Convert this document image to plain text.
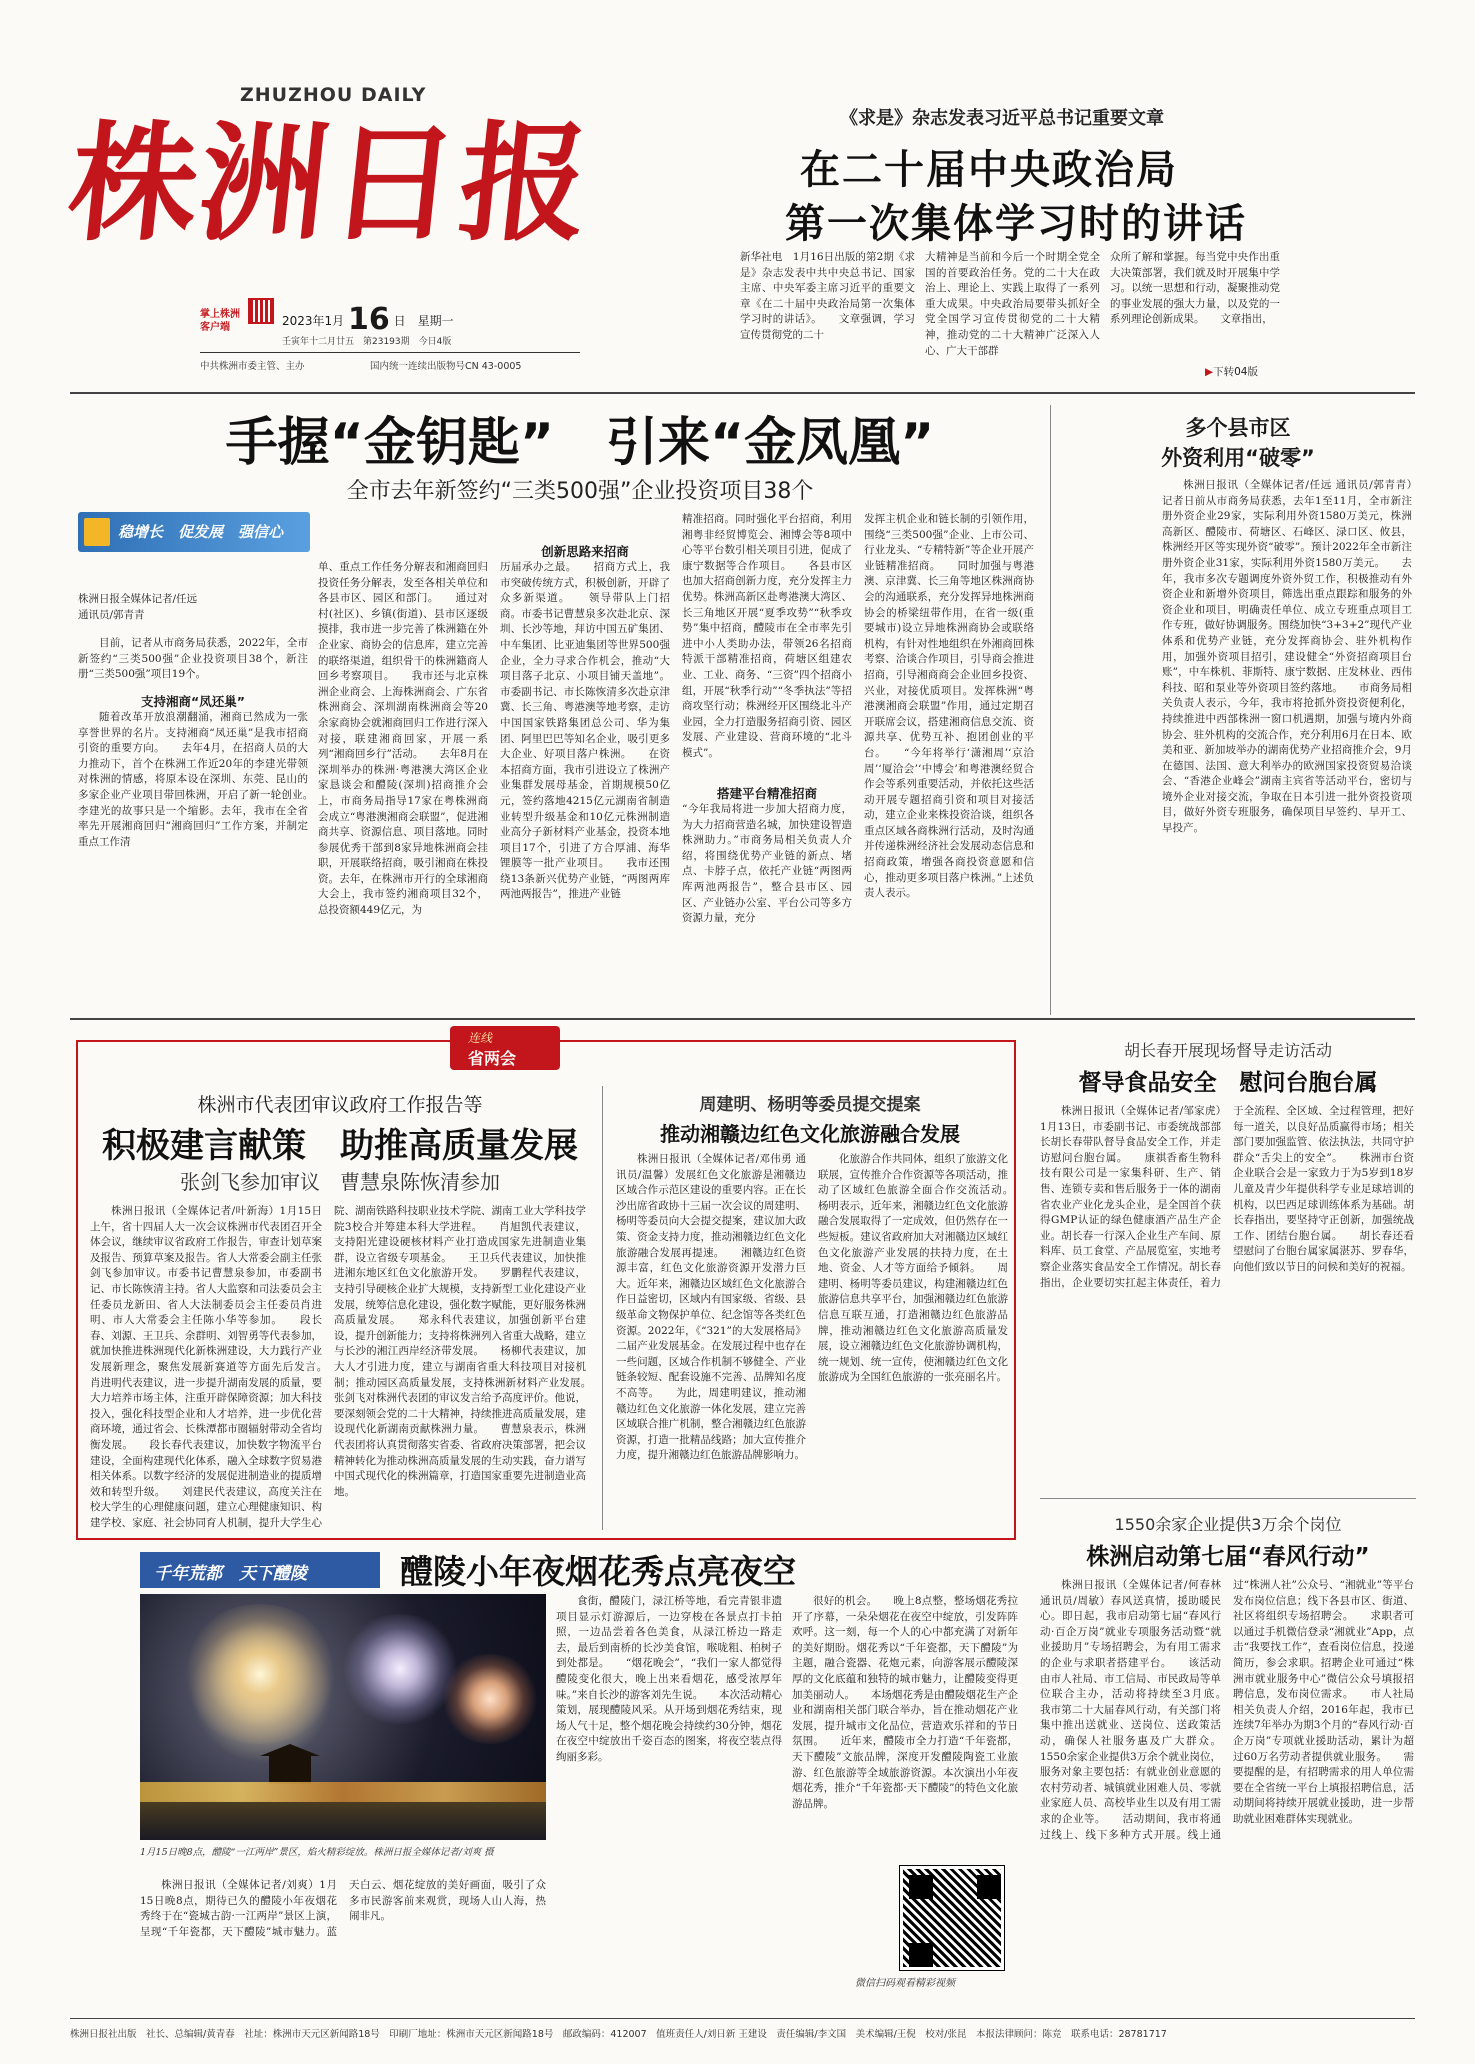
ZHUZHOU DAILY
株洲日报
掌上株洲
客户端	2023年1月 16 日　星期一
壬寅年十二月廿五　第23193期　今日4版
中共株洲市委主管、主办	国内统一连续出版物号CN 43-0005
《求是》杂志发表习近平总书记重要文章
在二十届中央政治局
第一次集体学习时的讲话
新华社电　1月16日出版的第2期《求是》杂志发表中共中央总书记、国家主席、中央军委主席习近平的重要文章《在二十届中央政治局第一次集体学习时的讲话》。　　文章强调，学习宣传贯彻党的二十
大精神是当前和今后一个时期全党全国的首要政治任务。党的二十大在政治上、理论上、实践上取得了一系列重大成果。中央政治局要带头抓好全党全国学习宣传贯彻党的二十大精神，推动党的二十大精神广泛深入人心、广大干部群
众所了解和掌握。每当党中央作出重大决策部署，我们就及时开展集中学习。以统一思想和行动，凝聚推动党的事业发展的强大力量，以及党的一系列理论创新成果。　　文章指出，
▶下转04版
手握“金钥匙”　引来“金凤凰”
全市去年新签约“三类500强”企业投资项目38个
稳增长　促发展　强信心
株洲日报全媒体记者/任远
通讯员/郭青青
目前，记者从市商务局获悉，2022年，全市新签约“三类500强”企业投资项目38个，新注册“三类500强”项目19个。
支持湘商“凤还巢”
随着改革开放浪潮翻涌，湘商已然成为一张享誉世界的名片。支持湘商“凤还巢”是我市招商引资的重要方向。　　去年4月，在招商人员的大力推动下，首个在株洲工作近20年的李建光带领对株洲的情感，将原本设在深圳、东莞、昆山的多家企业产业项目带回株洲，开启了新一轮创业。　　李建光的故事只是一个缩影。去年，我市在全省率先开展湘商回归“湘商回归”工作方案，并制定重点工作清
单、重点工作任务分解表和湘商回归投资任务分解表，发至各相关单位和各县市区、园区和部门。　　通过对村(社区)、乡镇(街道)、县市区逐级摸排，我市进一步完善了株洲籍在外企业家、商协会的信息库，建立完善的联络渠道，组织骨干的株洲籍商人回乡考察项目。　　我市还与北京株洲企业商会、上海株洲商会、广东省株洲商会、深圳湖南株洲商会等20余家商协会就湘商回归工作进行深入对接，联建湘商回家，开展一系列“湘商回乡行”活动。　　去年8月在深圳举办的株洲·粤港澳大湾区企业家恳谈会和醴陵(深圳)招商推介会上，市商务局指导17家在粤株洲商会成立“粤港澳湘商会联盟”，促进湘商共享、资源信息、项目落地。同时参展优秀干部到8家异地株洲商会挂职，开展联络招商，吸引湘商在株投资。去年，在株洲市开行的全球湘商大会上，我市签约湘商项目32个，总投资额449亿元，为
创新思路来招商
历届承办之最。　　招商方式上，我市突破传统方式，积极创新，开辟了众多新渠道。　　领导带队上门招商。市委书记曹慧泉多次赴北京、深圳、长沙等地，拜访中国五矿集团、中车集团、比亚迪集团等世界500强企业，全力寻求合作机会，推动“大项目落子北京、小项目铺天盖地”。市委副书记、市长陈恢清多次赴京津冀、长三角、粤港澳等地考察，走访中国国家铁路集团总公司、华为集团、阿里巴巴等知名企业，吸引更多大企业、好项目落户株洲。　　在资本招商方面，我市引进设立了株洲产业集群发展母基金，首期规模50亿元，签约落地4215亿元湖南省制造业转型升级基金和10亿元株洲制造业高分子新材料产业基金，投资本地项目17个，引进了方合厚浦、海华锂膜等一批产业项目。　　我市还围绕13条新兴优势产业链，“两图两库两池两报告”，推进产业链
精准招商。同时强化平台招商，利用湘粤非经贸博览会、湘博会等8项中心等平台数引相关项目引进，促成了康宁数据等合作项目。　　各县市区也加大招商创新力度，充分发挥主力优势。株洲高新区赴粤港澳大湾区、长三角地区开展“夏季攻势”“秋季攻势”集中招商，醴陵市在全市率先引进中小人类助办法，带领26名招商特派干部精准招商，荷塘区组建农业、工业、商务、“三资”四个招商小组，开展“秋季行动”“冬季执法”等招商攻坚行动；株洲经开区围绕北斗产业园，全力打造服务招商引资、园区发展、产业建设、营商环境的“北斗模式”。
搭建平台精准招商
“今年我局将进一步加大招商力度，为大力招商营造名城，加快建设智造株洲助力。”市商务局相关负责人介绍，将围绕优势产业链的新点、堵点、卡脖子点，依托产业链“两图两库两池两报告”，整合县市区、园区、产业链办公室、平台公司等多方资源力量，充分
发挥主机企业和链长制的引领作用，围绕“三类500强”企业、上市公司、行业龙头、“专精特新”等企业开展产业链精准招商。　　同时加强与粤港澳、京津冀、长三角等地区株洲商协会的沟通联系，充分发挥异地株洲商协会的桥梁纽带作用，在省一级(重要城市)设立异地株洲商协会或联络机构，有针对性地组织在外湘商回株考察、洽谈合作项目，引导商会推进招商，引导湘商商会企业回乡投资、兴业，对接优质项目。发挥株洲“粤港澳湘商会联盟”作用，通过定期召开联席会议，搭建湘商信息交流、资源共享、优势互补、抱团创业的平台。　　“今年将举行‘潇湘周’‘京洽周’‘厦洽会’‘中博会’和粤港澳经贸合作会等系列重要活动，并依托这些活动开展专题招商引资和项目对接活动，建立企业来株投资洽谈，组织各重点区域各商株洲行活动，及时沟通并传递株洲经济社会发展动态信息和招商政策，增强各商投资意愿和信心，推动更多项目落户株洲。”上述负责人表示。
多个县市区
外资利用“破零”
株洲日报讯（全媒体记者/任远 通讯员/郭青青）　记者日前从市商务局获悉，去年1至11月，全市新注册外资企业29家，实际利用外资1580万美元，株洲高新区、醴陵市、荷塘区、石峰区、渌口区、攸县，株洲经开区等实现外资“破零”。预计2022年全市新注册外资企业31家，实际利用外资1580万美元。　　去年，我市多次专题调度外资外贸工作，积极推动有外资企业和新增外资项目，筛选出重点跟踪和服务的外资企业和项目，明确责任单位、成立专班重点项目工作专班，做好协调服务。围绕加快“3+3+2”现代产业体系和优势产业链，充分发挥商协会、驻外机构作用，加强外资项目招引，建设健全“外资招商项目台账”，中车株机、菲斯特、康宁数据、庄发林业、西伟科技、昭和泵业等外资项目签约落地。　　市商务局相关负责人表示，今年，我市将抢抓外资投资便利化，持续推进中西部株洲一窗口机遇期，加强与境内外商协会、驻外机构的交流合作，充分利用6月在日本、欧美和亚、新加坡举办的湖南优势产业招商推介会，9月在德国、法国、意大利举办的欧洲国家投资贸易洽谈会、“香港企业峰会”湖南主宾省等活动平台，密切与境外企业对接交流，争取在日本引进一批外资投资项目，做好外资专班服务，确保项目早签约、早开工、早投产。
连线
省两会
株洲市代表团审议政府工作报告等
积极建言献策　助推高质量发展
张剑飞参加审议　曹慧泉陈恢清参加
株洲日报讯（全媒体记者/叶新海）1月15日上午，省十四届人大一次会议株洲市代表团召开全体会议，继续审议省政府工作报告，审查计划草案及报告、预算草案及报告。省人大常委会副主任张剑飞参加审议。市委书记曹慧泉参加，市委副书记、市长陈恢清主持。省人大监察和司法委员会主任委员龙新田、省人大法制委员会主任委员肖进明、市人大常委会主任陈小华等参加。　　段长春、刘源、王卫兵、余群明、刘智勇等代表参加，就加快推进株洲现代化新株洲建设，大力践行产业发展新理念，聚焦发展新赛道等方面先后发言。　　肖进明代表建议，进一步提升湖南发展的质量，要大力培养市场主体，注重开辟保障资源；加大科技投入，强化科技型企业和人才培养，进一步优化营商环境，通过省会、长株潭都市圈辐射带动全省均衡发展。　　段长春代表建议，加快数字物流平台建设，全面构建现代化体系，融入全球数字贸易港相关体系。以数字经济的发展促进制造业的提质增效和转型升级。　　刘建民代表建议，高度关注在校大学生的心理健康问题，建立心理健康知识、构建学校、家庭、社会协同育人机制，提升大学生心　　　　
院、湖南铁路科技职业技术学院、湖南工业大学科技学院3校合并筹建本科大学进程。　　肖旭凯代表建议，支持阳光建设硬核材料产业打造成国家先进制造业集群，设立省级专项基金。　　王卫兵代表建议，加快推进湘东地区红色文化旅游开发。　　罗鹏程代表建议，支持引导硬核企业扩大规模，支持新型工业化建设产业发展，统筹信息化建设，强化数字赋能，更好服务株洲高质量发展。　　郑永科代表建议，加强创新平台建设，提升创新能力；支持将株洲列入省重大战略，建立与长沙的湘江西岸经济带发展。　　杨柳代表建议，加大人才引进力度，建立与湖南省重大科技项目对接机制；推动园区高质量发展，支持株洲新材料产业发展。　　张剑飞对株洲代表团的审议发言给予高度评价。他说，要深刻领会党的二十大精神，持续推进高质量发展，建设现代化新湖南贡献株洲力量。　　曹慧泉表示，株洲代表团将认真贯彻落实省委、省政府决策部署，把会议精神转化为推动株洲高质量发展的生动实践，奋力谱写中国式现代化的株洲篇章，打造国家重要先进制造业高地。
周建明、杨明等委员提交提案
推动湘赣边红色文化旅游融合发展
株洲日报讯（全媒体记者/邓伟勇 通讯员/温馨）发展红色文化旅游是湘赣边区域合作示范区建设的重要内容。正在长沙出席省政协十三届一次会议的周建明、杨明等委员向大会提交提案，建议加大政策、资金支持力度，推动湘赣边红色文化旅游融合发展再提速。　　湘赣边红色资源丰富，红色文化旅游资源开发潜力巨大。近年来，湘赣边区域红色文化旅游合作日益密切，区域内有国家级、省级、县级革命文物保护单位、纪念馆等各类红色资源。2022年，《“321”的大发展格局》二届产业发展基金。在发展过程中也存在一些问题，区域合作机制不够健全、产业链条较短、配套设施不完善、品牌知名度不高等。　　为此，周建明建议，推动湘赣边红色文化旅游一体化发展，建立完善区域联合推广机制，整合湘赣边红色旅游资源，打造一批精品线路；加大宣传推介力度，提升湘赣边红色旅游品牌影响力。
化旅游合作共同体，组织了旅游文化联展，宣传推介合作资源等各项活动，推动了区域红色旅游全面合作交流活动。　　杨明表示，近年来，湘赣边红色文化旅游融合发展取得了一定成效，但仍然存在一些短板。建议省政府加大对湘赣边区域红色文化旅游产业发展的扶持力度，在土地、资金、人才等方面给予倾斜。　　周建明、杨明等委员建议，构建湘赣边红色旅游信息共享平台，加强湘赣边红色旅游信息互联互通，打造湘赣边红色旅游品牌，推动湘赣边红色文化旅游高质量发展，设立湘赣边红色文化旅游协调机构，统一规划、统一宣传，使湘赣边红色文化旅游成为全国红色旅游的一张亮丽名片。
胡长春开展现场督导走访活动
督导食品安全　慰问台胞台属
株洲日报讯（全媒体记者/邹家虎）1月13日，市委副书记、市委统战部部长胡长春带队督导食品安全工作，并走访慰问台胞台属。　　康祺香畜生物科技有限公司是一家集科研、生产、销售、连锁专卖和售后服务于一体的湖南省农业产业化龙头企业，是全国首个获得GMP认证的绿色健康酒产品生产企业。胡长春一行深入企业生产车间、原料库、员工食堂、产品展览室，实地考察企业落实食品安全工作情况。胡长春指出，企业要切实扛起主体责任，着力于全流程、全区域、全过程管理，把好每一道关，以良好品质赢得市场；相关部门要加强监管、依法执法，共同守护群众“舌尖上的安全”。　　株洲市台资企业联合会是一家致力于为5岁到18岁儿童及青少年提供科学专业足球培训的机构，以巴西足球训练体系为基础。胡长春指出，要坚持守正创新，加强统战工作、团结台胞台属。　　胡长春还看望慰问了台胞台属家属湛苏、罗春华，向他们致以节日的问候和美好的祝福。
1550余家企业提供3万余个岗位
株洲启动第七届“春风行动”
株洲日报讯（全媒体记者/何春林 通讯员/周敏）春风送真情，援助暖民心。即日起，我市启动第七届“春风行动·百企万岗”就业专项服务活动暨“就业援助月”专场招聘会，为有用工需求的企业与求职者搭建平台。　　该活动由市人社局、市工信局、市民政局等单位联合主办，活动将持续至3月底。　　我市第二十大届春风行动，有关部门将集中推出送就业、送岗位、送政策活动，确保人社服务惠及广大群众。1550余家企业提供3万余个就业岗位，服务对象主要包括：有就业创业意愿的农村劳动者、城镇就业困难人员、零就业家庭人员、高校毕业生以及有用工需求的企业等。　　活动期间，我市将通过线上、线下多种方式开展。线上通过“株洲人社”公众号、“湘就业”等平台发布岗位信息；线下各县市区、街道、社区将组织专场招聘会。　　求职者可以通过手机微信登录“湘就业”App，点击“我要找工作”，查看岗位信息，投递简历，参会求职。招聘企业可通过“株洲市就业服务中心”微信公众号填报招聘信息，发布岗位需求。　　市人社局相关负责人介绍，2016年起，我市已连续7年举办为期3个月的“春风行动·百企万岗”专项就业援助活动，累计为超过60万名劳动者提供就业服务。　　需要提醒的是，有招聘需求的用人单位需要在全省统一平台上填报招聘信息，活动期间将持续开展就业援助，进一步帮助就业困难群体实现就业。
千年荒都　天下醴陵	醴陵小年夜烟花秀点亮夜空
1月15日晚8点，醴陵“一江两岸”景区，焰火精彩绽放。株洲日报全媒体记者/刘爽 摄
株洲日报讯（全媒体记者/刘爽）1月15日晚8点，期待已久的醴陵小年夜烟花秀终于在“瓷城古韵·一江两岸”景区上演，呈现“千年瓷都，天下醴陵”城市魅力。蓝天白云、烟花绽放的美好画面，吸引了众多市民游客前来观赏，现场人山人海，热闹非凡。
食街，醴陵门，渌江桥等地，看完青银非遗项目显示灯游源后，一边穿梭在各景点打卡拍照，一边品尝着各色美食，从渌江桥边一路走去，最后到南桥的长沙美食馆，喉咙粗、柏树子到处都是。　　“烟花晚会”，“我们一家人都觉得醴陵变化很大，晚上出来看烟花，感受浓厚年味。”来自长沙的游客刘先生说。　　本次活动精心策划，展现醴陵风采。从开场到烟花秀结束，现场人气十足，整个烟花晚会持续约30分钟，烟花在夜空中绽放出千姿百态的图案，将夜空装点得绚丽多彩。
很好的机会。　　晚上8点整，整场烟花秀拉开了序幕，一朵朵烟花在夜空中绽放，引发阵阵欢呼。这一刻，每一个人的心中都充满了对新年的美好期盼。烟花秀以“千年瓷都，天下醴陵”为主题，融合瓷器、花炮元素，向游客展示醴陵深厚的文化底蕴和独特的城市魅力，让醴陵变得更加美丽动人。　　本场烟花秀是由醴陵烟花生产企业和湖南相关部门联合举办，旨在推动烟花产业发展，提升城市文化品位，营造欢乐祥和的节日氛围。　　近年来，醴陵市全力打造“千年瓷都，天下醴陵”文旅品牌，深度开发醴陵陶瓷工业旅游、红色旅游等全域旅游资源。本次演出小年夜烟花秀，推介“千年瓷都·天下醴陵”的特色文化旅游品牌。
微信扫码观看精彩视频
株洲日报社出版　社长、总编辑/黄青春　社址：株洲市天元区新闻路18号　印刷厂地址：株洲市天元区新闻路18号　邮政编码：412007　值班责任人/刘日新 王建设　责任编辑/李文国　美术编辑/王倪　校对/张昆　本报法律顾问：陈竞　联系电话：28781717
